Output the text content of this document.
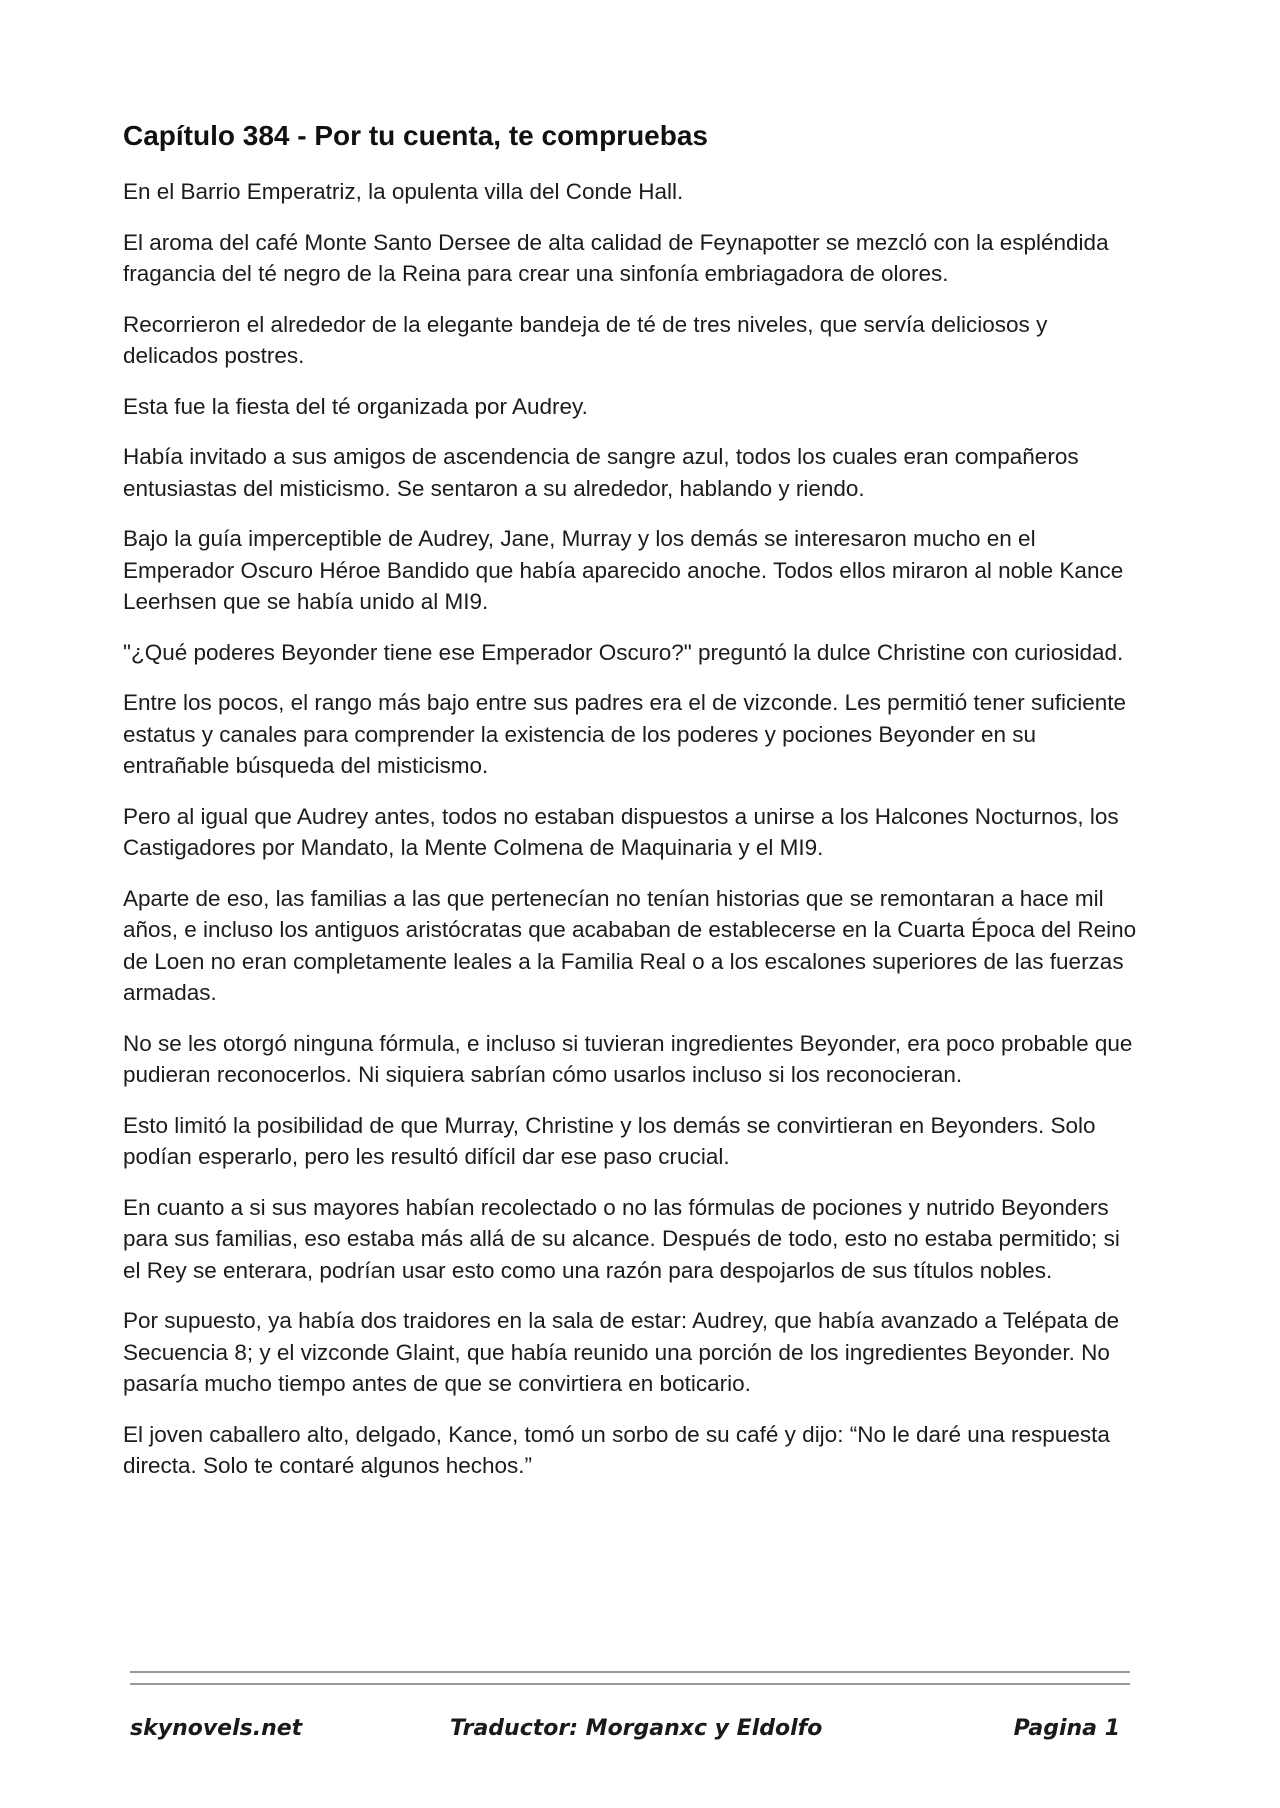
Capítulo 384 - Por tu cuenta, te compruebas

En el Barrio Emperatriz, la opulenta villa del Conde Hall.

El aroma del café Monte Santo Dersee de alta calidad de Feynapotter se mezcló con la espléndida fragancia del té negro de la Reina para crear una sinfonía embriagadora de olores.

Recorrieron el alrededor de la elegante bandeja de té de tres niveles, que servía deliciosos y delicados postres.

Esta fue la fiesta del té organizada por Audrey.

Había invitado a sus amigos de ascendencia de sangre azul, todos los cuales eran compañeros entusiastas del misticismo. Se sentaron a su alrededor, hablando y riendo.

Bajo la guía imperceptible de Audrey, Jane, Murray y los demás se interesaron mucho en el Emperador Oscuro Héroe Bandido que había aparecido anoche. Todos ellos miraron al noble Kance Leerhsen que se había unido al MI9.

"¿Qué poderes Beyonder tiene ese Emperador Oscuro?" preguntó la dulce Christine con curiosidad.

Entre los pocos, el rango más bajo entre sus padres era el de vizconde. Les permitió tener suficiente estatus y canales para comprender la existencia de los poderes y pociones Beyonder en su entrañable búsqueda del misticismo.

Pero al igual que Audrey antes, todos no estaban dispuestos a unirse a los Halcones Nocturnos, los Castigadores por Mandato, la Mente Colmena de Maquinaria y el MI9.

Aparte de eso, las familias a las que pertenecían no tenían historias que se remontaran a hace mil años, e incluso los antiguos aristócratas que acababan de establecerse en la Cuarta Época del Reino de Loen no eran completamente leales a la Familia Real o a los escalones superiores de las fuerzas armadas.

No se les otorgó ninguna fórmula, e incluso si tuvieran ingredientes Beyonder, era poco probable que pudieran reconocerlos. Ni siquiera sabrían cómo usarlos incluso si los reconocieran.

Esto limitó la posibilidad de que Murray, Christine y los demás se convirtieran en Beyonders. Solo podían esperarlo, pero les resultó difícil dar ese paso crucial.

En cuanto a si sus mayores habían recolectado o no las fórmulas de pociones y nutrido Beyonders para sus familias, eso estaba más allá de su alcance. Después de todo, esto no estaba permitido; si el Rey se enterara, podrían usar esto como una razón para despojarlos de sus títulos nobles.

Por supuesto, ya había dos traidores en la sala de estar: Audrey, que había avanzado a Telépata de Secuencia 8; y el vizconde Glaint, que había reunido una porción de los ingredientes Beyonder. No pasaría mucho tiempo antes de que se convirtiera en boticario.

El joven caballero alto, delgado, Kance, tomó un sorbo de su café y dijo: “No le daré una respuesta directa. Solo te contaré algunos hechos.”

skynovels.net	Traductor: Morganxc y Eldolfo	Pagina 1
